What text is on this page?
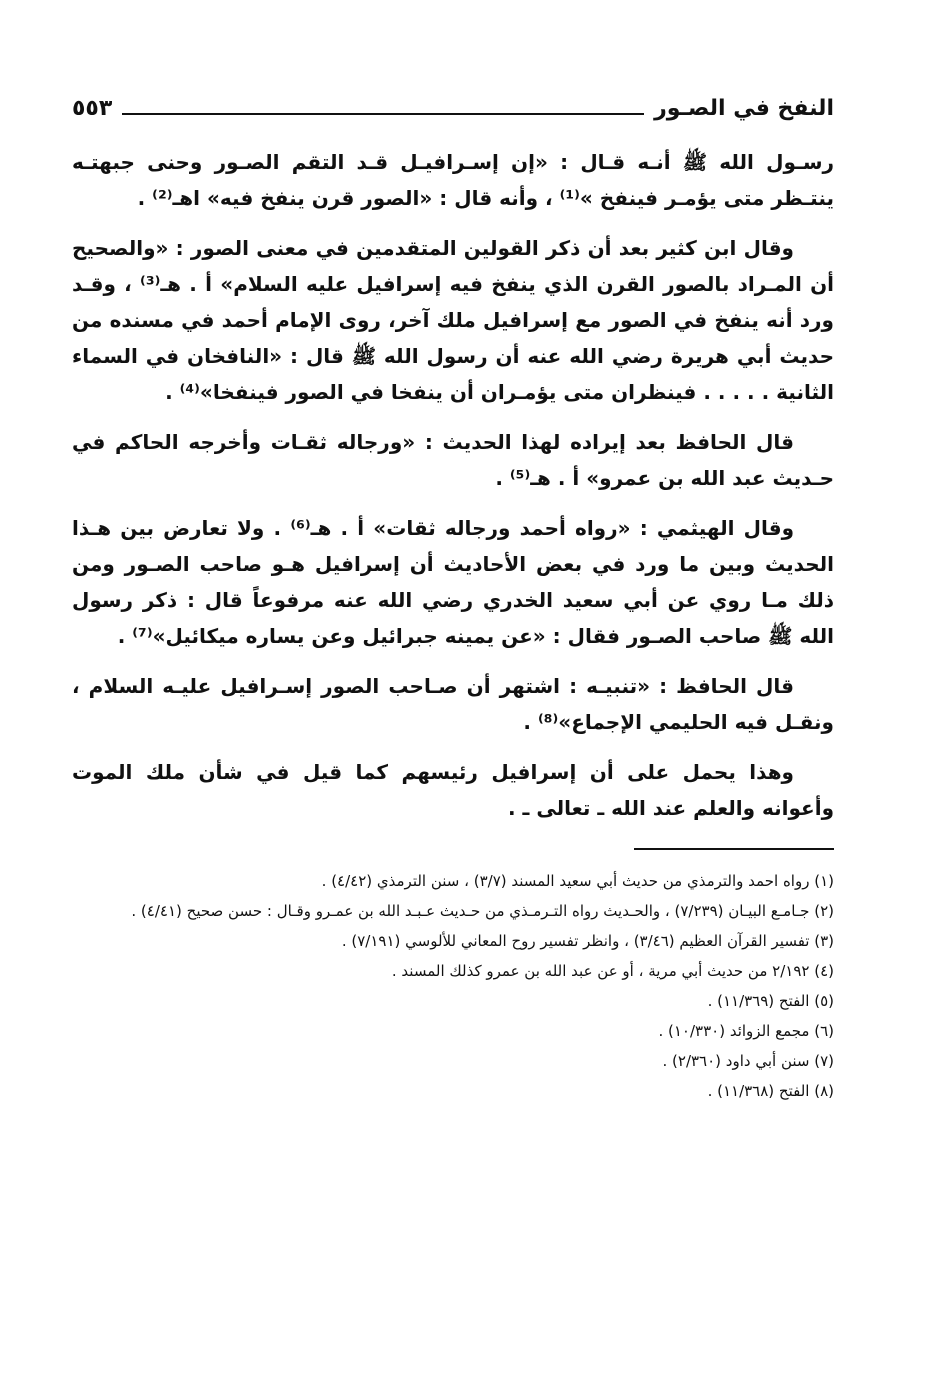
النفخ في الصـور
٥٥٣

رسـول الله ﷺ أنـه قـال : «إن إسـرافيـل قـد التقم الصـور وحنى جبهتـه ينتـظر متى يؤمـر فينفخ »⁽¹⁾ ، وأنه قال : «الصور قرن ينفخ فيه» اهـ⁽²⁾ .

وقال ابن كثير بعد أن ذكر القولين المتقدمين في معنى الصور : «والصحيح أن المـراد بالصور القرن الذي ينفخ فيه إسرافيل عليه السلام» أ . هـ⁽³⁾ ، وقـد ورد أنه ينفخ في الصور مع إسرافيل ملك آخر، روى الإمام أحمد في مسنده من حديث أبي هريرة رضي الله عنه أن رسول الله ﷺ قال : «النافخان في السماء الثانية . . . . . فينظران متى يؤمـران أن ينفخا في الصور فينفخا»⁽⁴⁾ .

قال الحافظ بعد إيراده لهذا الحديث : «ورجاله ثقـات وأخرجه الحاكم في حـديث عبد الله بن عمرو» أ . هـ⁽⁵⁾ .

وقال الهيثمي : «رواه أحمد ورجاله ثقات» أ . هـ⁽⁶⁾ . ولا تعارض بين هـذا الحديث وبين ما ورد في بعض الأحاديث أن إسرافيل هـو صاحب الصـور ومن ذلك مـا روي عن أبي سعيد الخدري رضي الله عنه مرفوعاً قال : ذكر رسول الله ﷺ صاحب الصـور فقال : «عن يمينه جبرائيل وعن يساره ميكائيل»⁽⁷⁾ .

قال الحافظ : «تنبيـه : اشتهر أن صـاحب الصور إسـرافيل عليـه السلام ، ونقـل فيه الحليمي الإجماع»⁽⁸⁾ .

وهذا يحمل على أن إسرافيل رئيسهم كما قيل في شأن ملك الموت وأعوانه والعلم عند الله ـ تعالى ـ .

(١) رواه احمد والترمذي من حديث أبي سعيد المسند (٣/٧) ، سنن الترمذي (٤/٤٢) .
(٢) جـامـع البيـان (٧/٢٣٩) ، والحـديث رواه التـرمـذي من حـديث عـبـد الله بن عمـرو وقـال : حسن صحيح (٤/٤١) .
(٣) تفسير القرآن العظيم (٣/٤٦) ، وانظر تفسير روح المعاني للألوسي (٧/١٩١) .
(٤) ٢/١٩٢ من حديث أبي مرية ، أو عن عبد الله بن عمرو كذلك المسند .
(٥) الفتح (١١/٣٦٩) .
(٦) مجمع الزوائد (١٠/٣٣٠) .
(٧) سنن أبي داود (٢/٣٦٠) .
(٨) الفتح (١١/٣٦٨) .
